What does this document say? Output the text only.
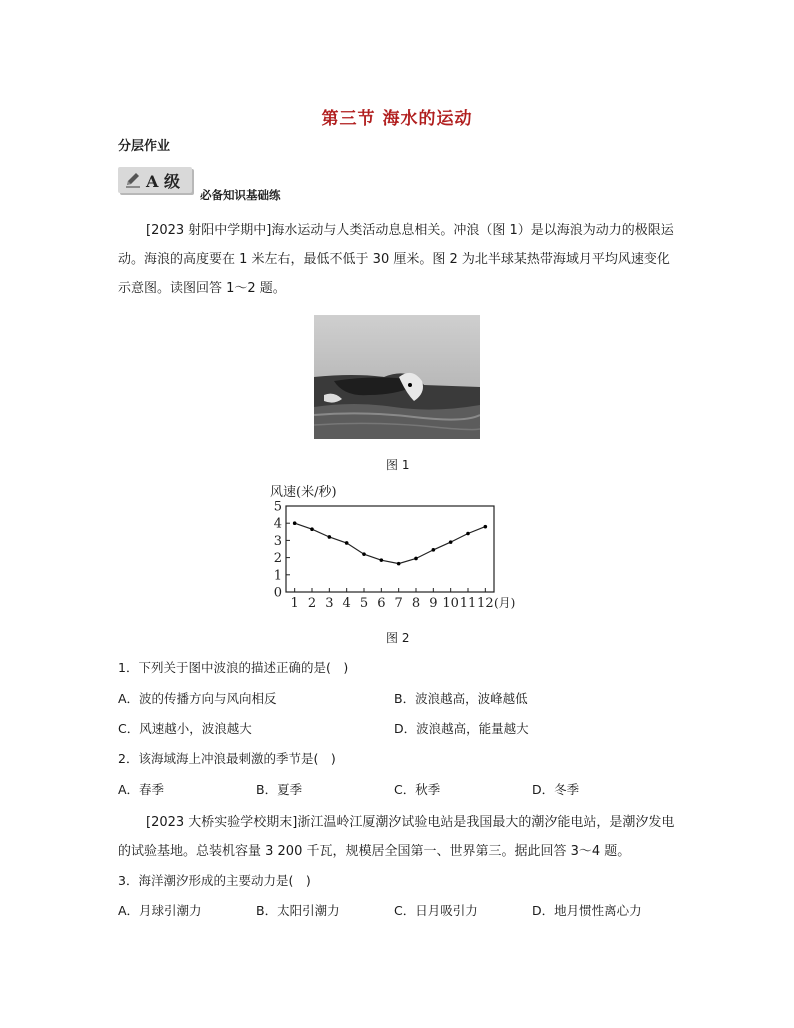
第三节 海水的运动
分层作业
A 级
必备知识基础练
[2023 射阳中学期中]海水运动与人类活动息息相关。冲浪（图 1）是以海浪为动力的极限运动。海浪的高度要在 1 米左右，最低不低于 30 厘米。图 2 为北半球某热带海域月平均风速变化示意图。读图回答 1～2 题。
图 1
风速(米/秒)
0
1
2
3
4
5
1 2 3 4 5 6 7 8 9 10 11 12 (月)
图 2
1．下列关于图中波浪的描述正确的是(　)
A．波的传播方向与风向相反	B．波浪越高，波峰越低
C．风速越小，波浪越大	D．波浪越高，能量越大
2．该海域海上冲浪最刺激的季节是(　)
A．春季	B．夏季	C．秋季	D．冬季
[2023 大桥实验学校期末]浙江温岭江厦潮汐试验电站是我国最大的潮汐能电站，是潮汐发电的试验基地。总装机容量 3 200 千瓦，规模居全国第一、世界第三。据此回答 3～4 题。
3．海洋潮汐形成的主要动力是(　)
A．月球引潮力	B．太阳引潮力	C．日月吸引力	D．地月惯性离心力
